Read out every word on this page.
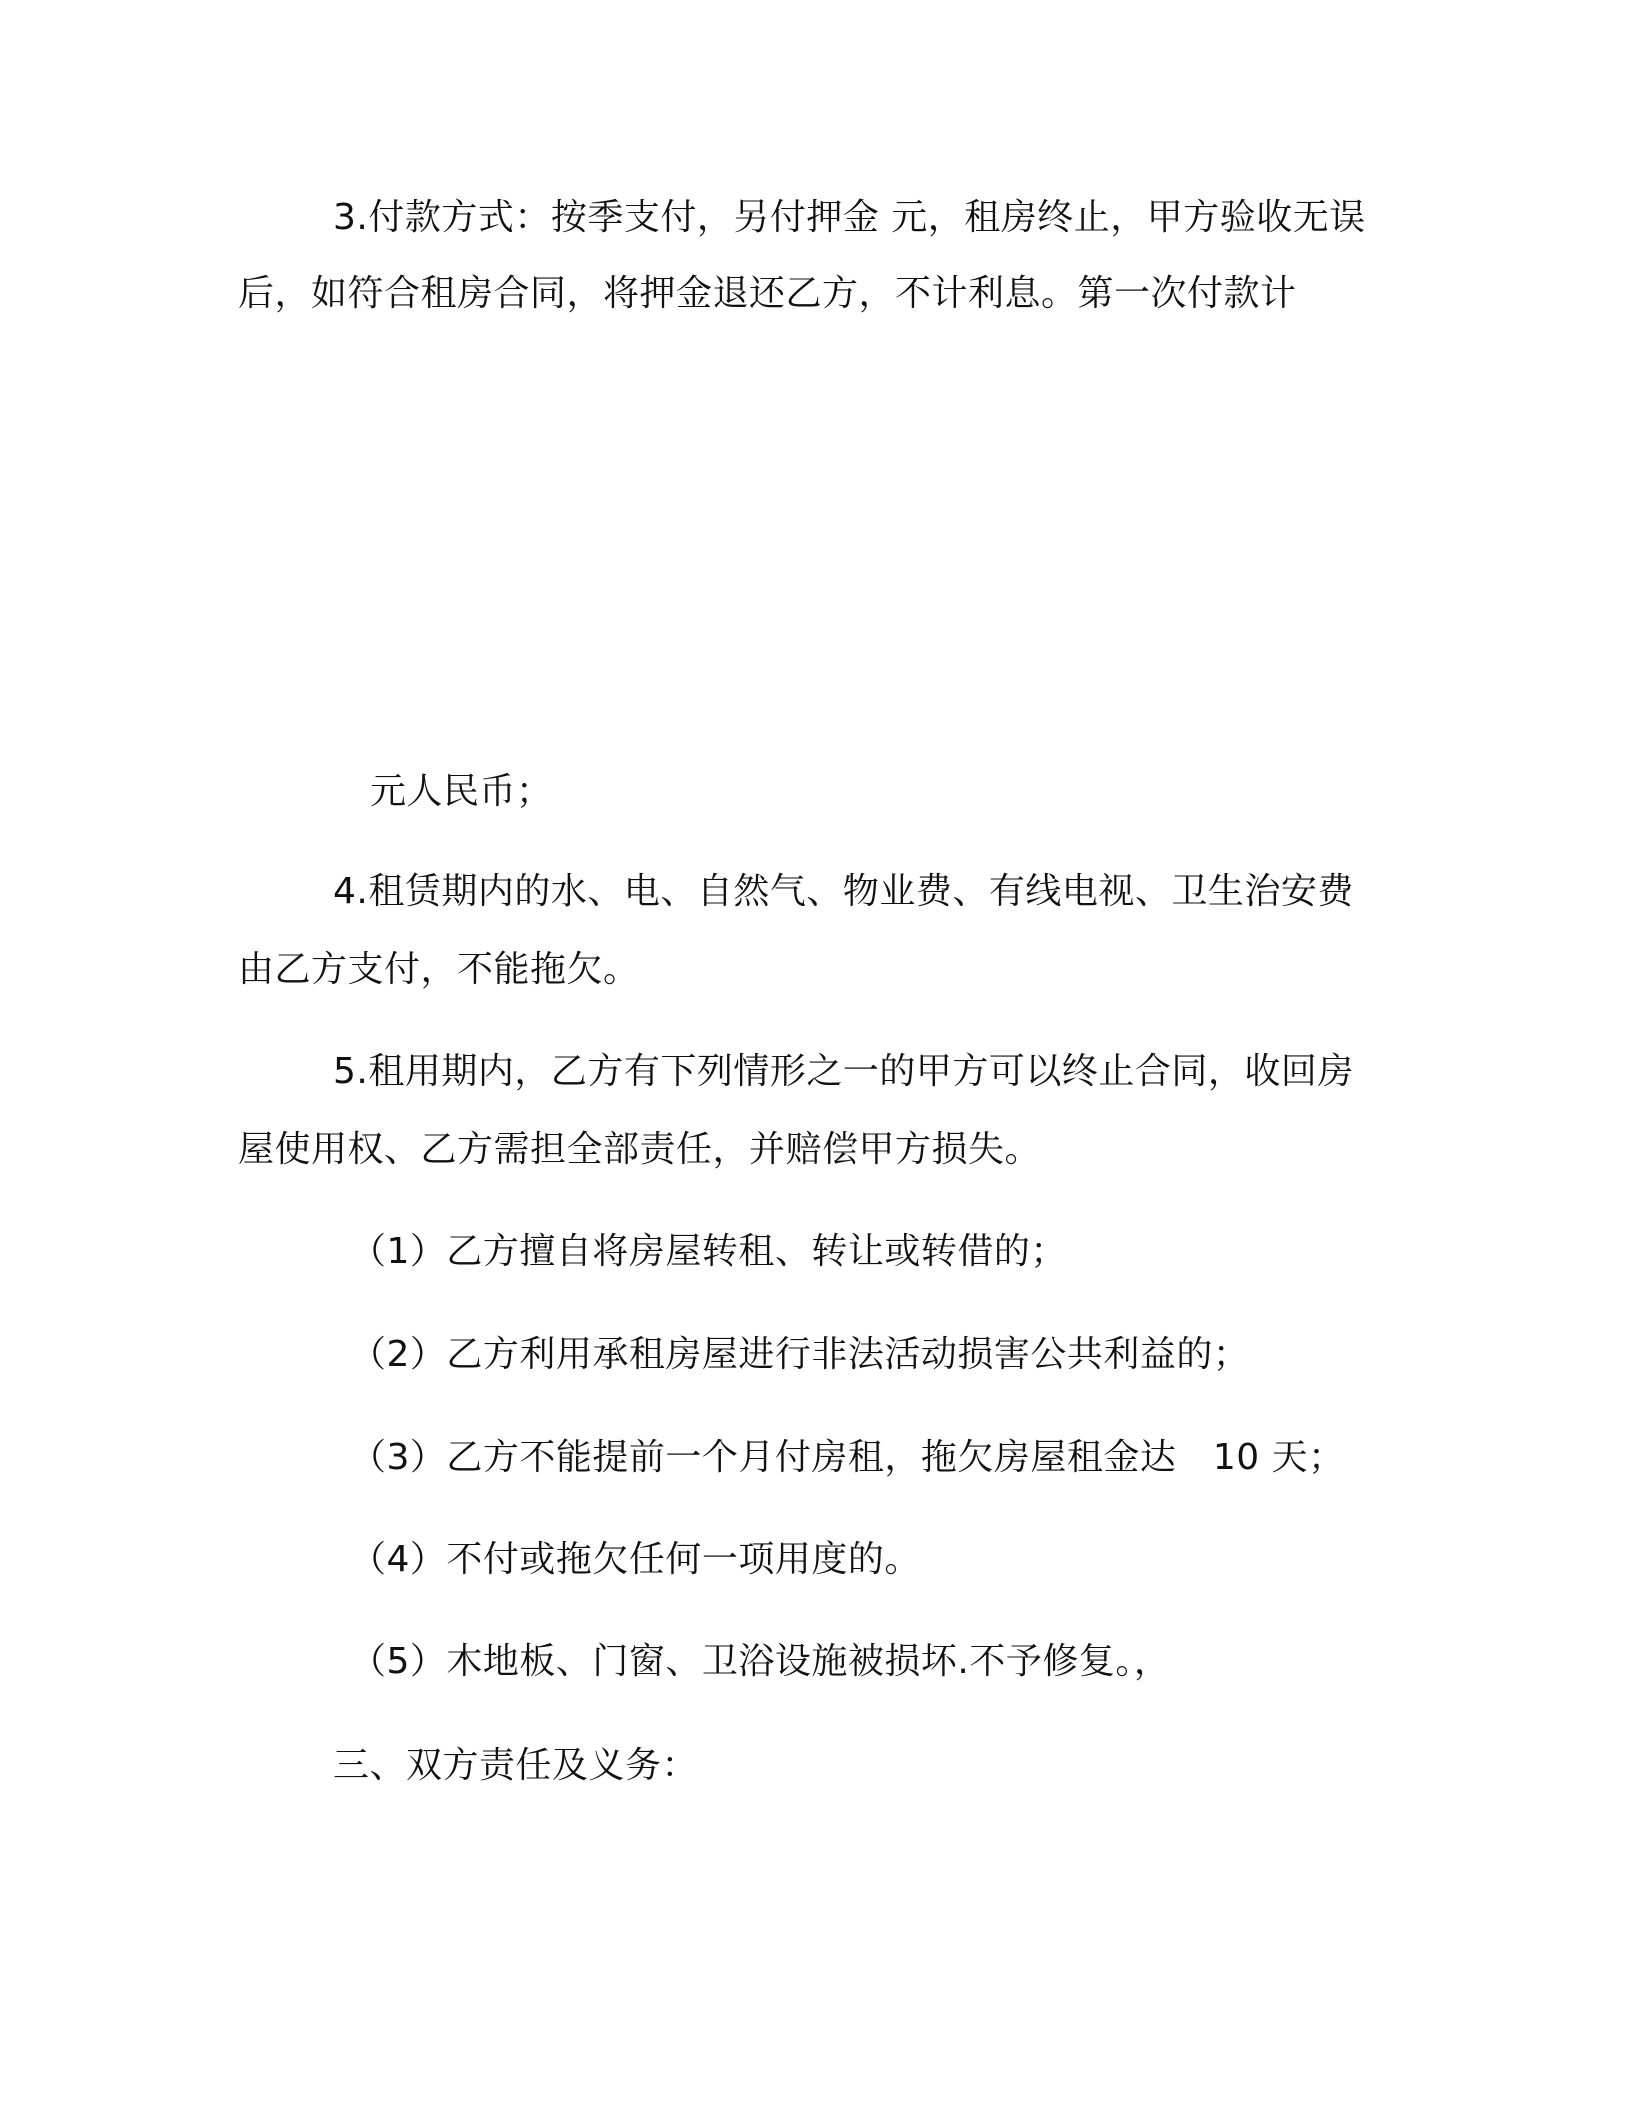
3.付款方式：按季支付，另付押金 元，租房终止，甲方验收无误
后，如符合租房合同，将押金退还乙方，不计利息。第一次付款计
元人民币；
4.租赁期内的水、电、自然气、物业费、有线电视、卫生治安费
由乙方支付，不能拖欠。
5.租用期内，乙方有下列情形之一的甲方可以终止合同，收回房
屋使用权、乙方需担全部责任，并赔偿甲方损失。
（1）乙方擅自将房屋转租、转让或转借的；
（2）乙方利用承租房屋进行非法活动损害公共利益的；
（3）乙方不能提前一个月付房租，拖欠房屋租金达　10 天；
（4）不付或拖欠任何一项用度的。
（5）木地板、门窗、卫浴设施被损坏.不予修复。，
三、双方责任及义务：
